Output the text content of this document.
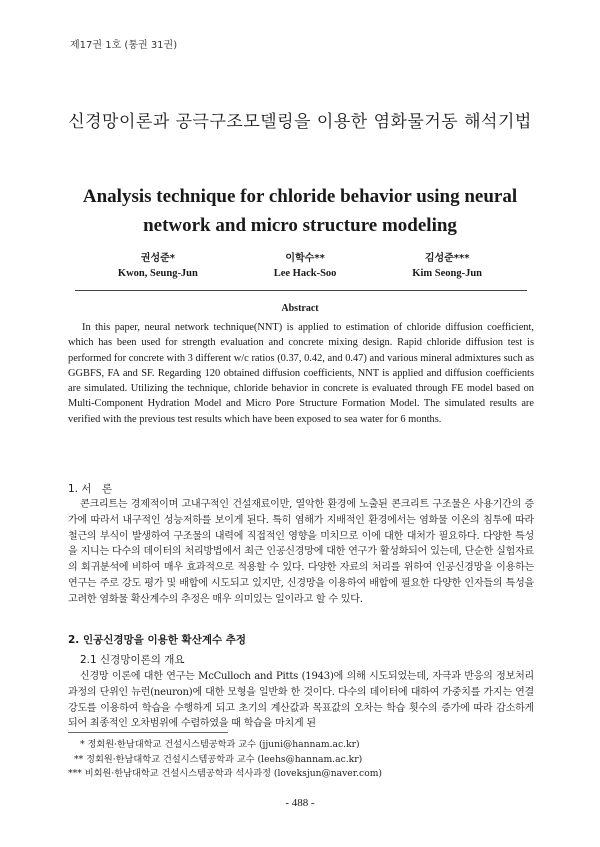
제17권 1호 (통권 31권)
신경망이론과 공극구조모델링을 이용한 염화물거동 해석기법
Analysis technique for chloride behavior using neural network and micro structure modeling
권성준*
Kwon, Seung-Jun
이학수**
Lee Hack-Soo
김성준***
Kim Seong-Jun
Abstract
In this paper, neural network technique(NNT) is applied to estimation of chloride diffusion coefficient, which has been used for strength evaluation and concrete mixing design. Rapid chloride diffusion test is performed for concrete with 3 different w/c ratios (0.37, 0.42, and 0.47) and various mineral admixtures such as GGBFS, FA and SF. Regarding 120 obtained diffusion coefficients, NNT is applied and diffusion coefficients are simulated. Utilizing the technique, chloride behavior in concrete is evaluated through FE model based on Multi-Component Hydration Model and Micro Pore Structure Formation Model. The simulated results are verified with the previous test results which have been exposed to sea water for 6 months.
1. 서　론
콘크리트는 경제적이며 고내구적인 건설재료이만, 열악한 환경에 노출된 콘크리트 구조물은 사용기간의 증가에 따라서 내구적인 성능저하를 보이게 된다. 특히 염해가 지배적인 환경에서는 염화물 이온의 침투에 따라 철근의 부식이 발생하여 구조물의 내력에 직접적인 영향을 미치므로 이에 대한 대처가 필요하다. 다양한 특성을 지니는 다수의 데이터의 처리방법에서 최근 인공신경망에 대한 연구가 활성화되어 있는데, 단순한 실험자료의 회귀분석에 비하여 매우 효과적으로 적용할 수 있다. 다양한 자료의 처리를 위하여 인공신경망을 이용하는 연구는 주로 강도 평가 및 배합에 시도되고 있지만, 신경망을 이용하여 배합에 필요한 다양한 인자들의 특성을 고려한 염화물 확산계수의 추정은 매우 의미있는 일이라고 할 수 있다.
2. 인공신경망을 이용한 확산계수 추정
2.1 신경망이론의 개요
신경망 이론에 대한 연구는 McCulloch and Pitts (1943)에 의해 시도되었는데, 자극과 반응의 정보처리 과정의 단위인 뉴런(neuron)에 대한 모형을 일반화 한 것이다. 다수의 데이터에 대하여 가중치를 가지는 연결강도를 이용하여 학습을 수행하게 되고 초기의 계산값과 목표값의 오차는 학습 횟수의 증가에 따라 감소하게 되어 최종적인 오차범위에 수렴하였을 때 학습을 마치게 된
* 정회원·한남대학교 건설시스템공학과 교수 (jjuni@hannam.ac.kr)
** 정회원·한남대학교 건설시스템공학과 교수 (leehs@hannam.ac.kr)
*** 비회원·한남대학교 건설시스템공학과 석사과정 (loveksjun@naver.com)
- 488 -
